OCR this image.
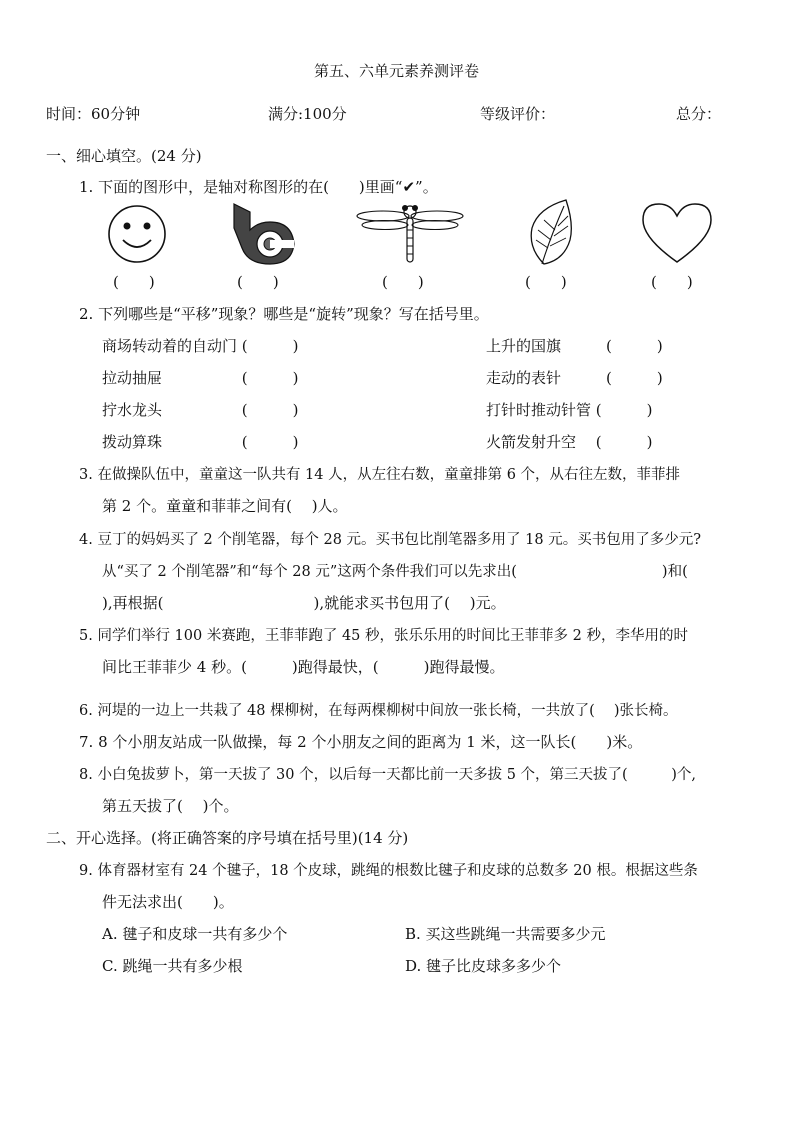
第五、六单元素养测评卷
时间：60分钟	满分:100分	等级评价：	总分：
一、细心填空。(24 分)
1. 下面的图形中，是轴对称图形的在(　　)里画“✔”。
(　　)	(　　)	(　　)	(　　)	(　　)
2. 下列哪些是“平移”现象？哪些是“旋转”现象？写在括号里。
商场转动着的自动门 (　　　)	上升的国旗　　　(　　　)
拉动抽屉　　　　　 (　　　)	走动的表针　　　(　　　)
拧水龙头　　　　　 (　　　)	打针时推动针管 (　　　)
拨动算珠　　　　　 (　　　)	火箭发射升空　 (　　　)
3. 在做操队伍中，童童这一队共有 14 人，从左往右数，童童排第 6 个，从右往左数，菲菲排
第 2 个。童童和菲菲之间有(　 )人。
4. 豆丁的妈妈买了 2 个削笔器，每个 28 元。买书包比削笔器多用了 18 元。买书包用了多少元?
从“买了 2 个削笔器”和“每个 28 元”这两个条件我们可以先求出(　　　　　　　　　　)和(
),再根据(　　　　　　　　　　),就能求买书包用了(　 )元。
5. 同学们举行 100 米赛跑，王菲菲跑了 45 秒，张乐乐用的时间比王菲菲多 2 秒，李华用的时
间比王菲菲少 4 秒。(　　　)跑得最快，(　　　)跑得最慢。
6. 河堤的一边上一共栽了 48 棵柳树，在每两棵柳树中间放一张长椅，一共放了(　 )张长椅。
7. 8 个小朋友站成一队做操，每 2 个小朋友之间的距离为 1 米，这一队长(　　)米。
8. 小白兔拔萝卜，第一天拔了 30 个，以后每一天都比前一天多拔 5 个，第三天拔了(　　　)个,
第五天拔了(　 )个。
二、开心选择。(将正确答案的序号填在括号里)(14 分)
9. 体育器材室有 24 个毽子，18 个皮球，跳绳的根数比毽子和皮球的总数多 20 根。根据这些条
件无法求出(　　)。
A. 毽子和皮球一共有多少个	B. 买这些跳绳一共需要多少元
C. 跳绳一共有多少根	D. 毽子比皮球多多少个
